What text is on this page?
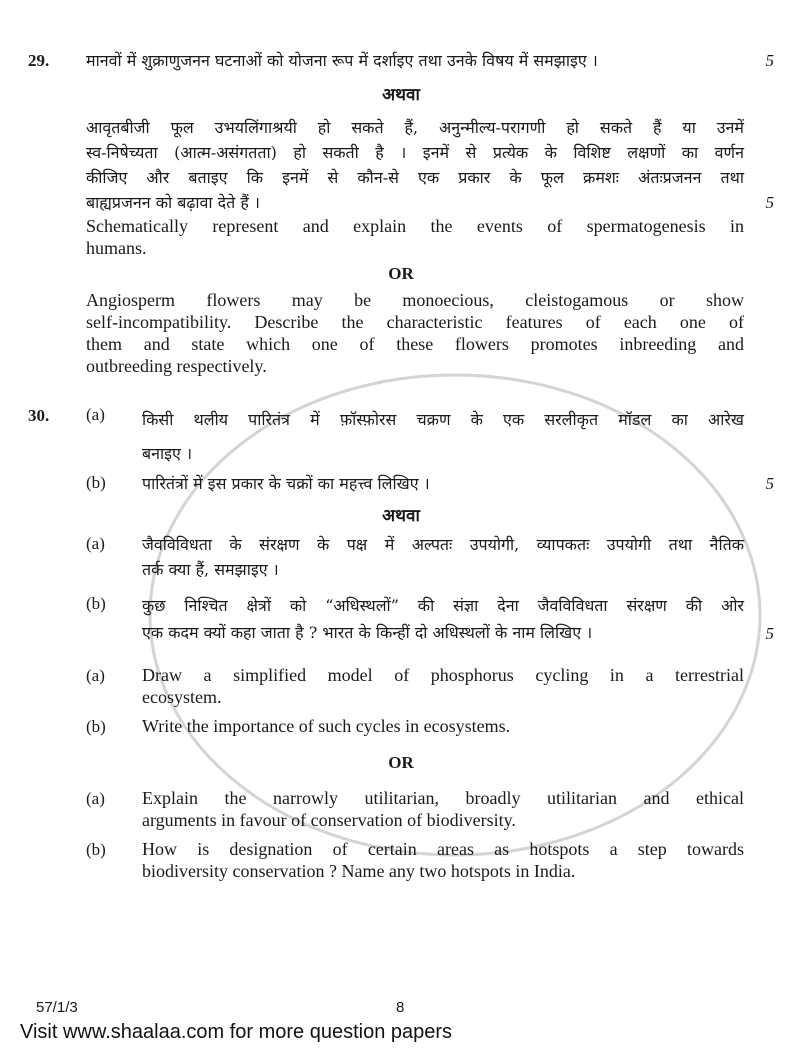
29.	मानवों में शुक्राणुजनन घटनाओं को योजना रूप में दर्शाइए तथा उनके विषय में समझाइए ।	5
अथवा
आवृतबीजी फूल उभयलिंगाश्रयी हो सकते हैं, अनुन्मील्य-परागणी हो सकते हैं या उनमें
स्व-निषेच्यता (आत्म-असंगतता) हो सकती है । इनमें से प्रत्येक के विशिष्ट लक्षणों का वर्णन
कीजिए और बताइए कि इनमें से कौन-से एक प्रकार के फूल क्रमशः अंतःप्रजनन तथा
बाह्यप्रजनन को बढ़ावा देते हैं ।	5
Schematically represent and explain the events of spermatogenesis in
humans.
OR
Angiosperm flowers may be monoecious, cleistogamous or show
self-incompatibility. Describe the characteristic features of each one of
them and state which one of these flowers promotes inbreeding and
outbreeding respectively.
30.	(a)	किसी थलीय पारितंत्र में फ़ॉस्फ़ोरस चक्रण के एक सरलीकृत मॉडल का आरेख
बनाइए ।
(b)	पारितंत्रों में इस प्रकार के चक्रों का महत्त्व लिखिए ।	5
अथवा
(a)	जैवविविधता के संरक्षण के पक्ष में अल्पतः उपयोगी, व्यापकतः उपयोगी तथा नैतिक
तर्क क्या हैं, समझाइए ।
(b)	कुछ निश्चित क्षेत्रों को “अधिस्थलों” की संज्ञा देना जैवविविधता संरक्षण की ओर
एक कदम क्यों कहा जाता है ? भारत के किन्हीं दो अधिस्थलों के नाम लिखिए ।	5
(a)	Draw a simplified model of phosphorus cycling in a terrestrial
ecosystem.
(b)	Write the importance of such cycles in ecosystems.
OR
(a)	Explain the narrowly utilitarian, broadly utilitarian and ethical
arguments in favour of conservation of biodiversity.
(b)	How is designation of certain areas as hotspots a step towards
biodiversity conservation ? Name any two hotspots in India.
57/1/3	8
Visit www.shaalaa.com for more question papers
